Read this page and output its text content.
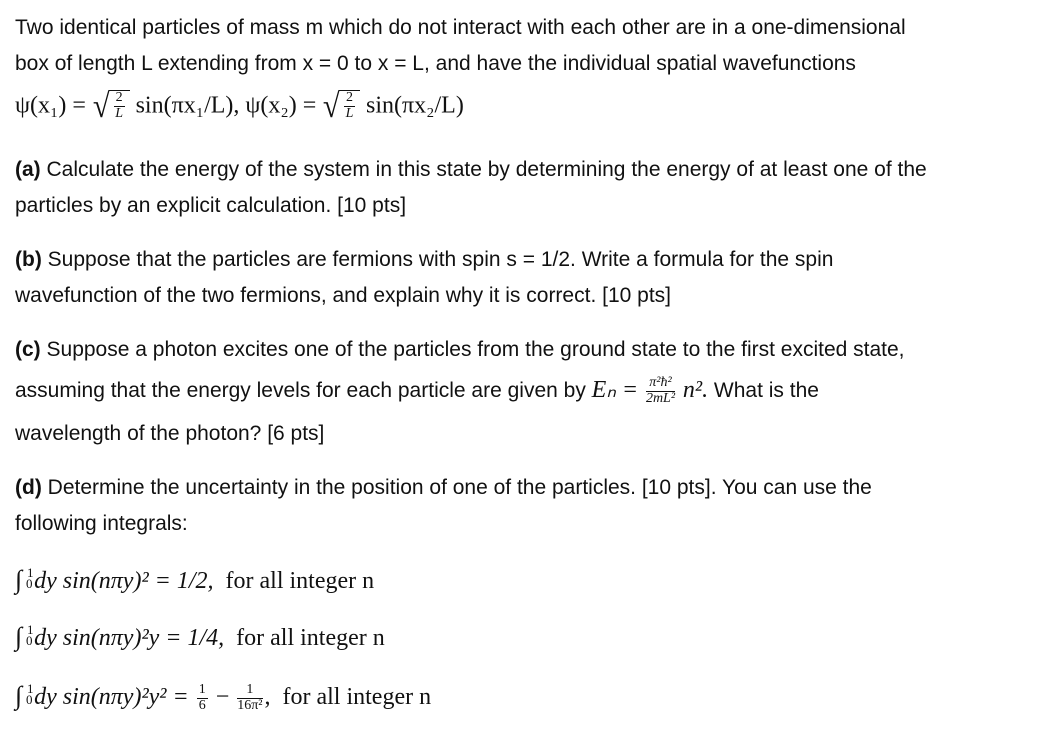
Two identical particles of mass m which do not interact with each other are in a one-dimensional
box of length L extending from x = 0 to x = L, and have the individual spatial wavefunctions
ψ(x₁) = √ $\frac{2}{L} \sin(\pi x_1/L)$, ψ(x₂) = √ $\frac{2}{L} \sin(\pi x_2/L)$
(a) Calculate the energy of the system in this state by determining the energy of at least one of the
particles by an explicit calculation. [10 pts]
(b) Suppose that the particles are fermions with spin s = 1/2. Write a formula for the spin
wavefunction of the two fermions, and explain why it is correct. [10 pts]
(c) Suppose a photon excites one of the particles from the ground state to the first excited state,
assuming that the energy levels for each particle are given by $E_n = \frac{\text{π²ħ²}}{\text{2mL²}} n^2$. What is the
wavelength of the photon? [6 pts]
(d) Determine the uncertainty in the position of one of the particles. [10 pts]. You can use the
following integrals:
∫ 1
0 dy sin(nπy)² = 1/2, for all integer n
∫ 1
0 dy sin(nπy)²y = 1/4, for all integer n
∫ 1
0 dy $\sin(n\pi y)^2y^2 = \frac{1}{6} - \frac{1}{\text{16π²}}$ , for all integer n
